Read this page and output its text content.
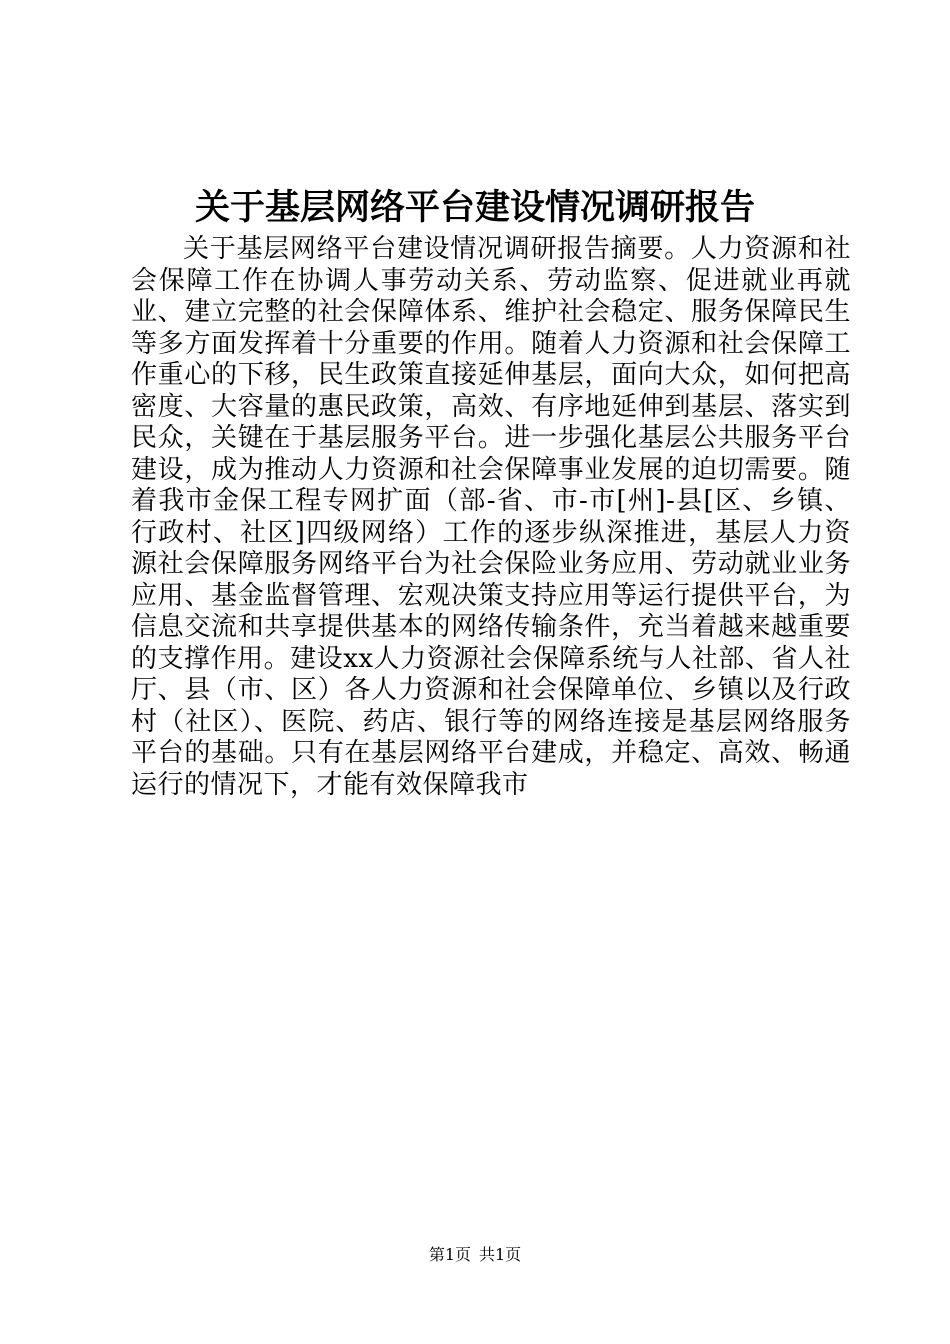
关于基层网络平台建设情况调研报告

关于基层网络平台建设情况调研报告摘要。人力资源和社会保障工作在协调人事劳动关系、劳动监察、促进就业再就业、建立完整的社会保障体系、维护社会稳定、服务保障民生等多方面发挥着十分重要的作用。随着人力资源和社会保障工作重心的下移，民生政策直接延伸基层，面向大众，如何把高密度、大容量的惠民政策，高效、有序地延伸到基层、落实到民众，关键在于基层服务平台。进一步强化基层公共服务平台建设，成为推动人力资源和社会保障事业发展的迫切需要。随着我市金保工程专网扩面（部-省、市-市[州]-县[区、乡镇、行政村、社区]四级网络）工作的逐步纵深推进，基层人力资源社会保障服务网络平台为社会保险业务应用、劳动就业业务应用、基金监督管理、宏观决策支持应用等运行提供平台，为信息交流和共享提供基本的网络传输条件，充当着越来越重要的支撑作用。建设xx人力资源社会保障系统与人社部、省人社厅、县（市、区）各人力资源和社会保障单位、乡镇以及行政村（社区）、医院、药店、银行等的网络连接是基层网络服务平台的基础。只有在基层网络平台建成，并稳定、高效、畅通运行的情况下，才能有效保障我市

第1页 共1页
